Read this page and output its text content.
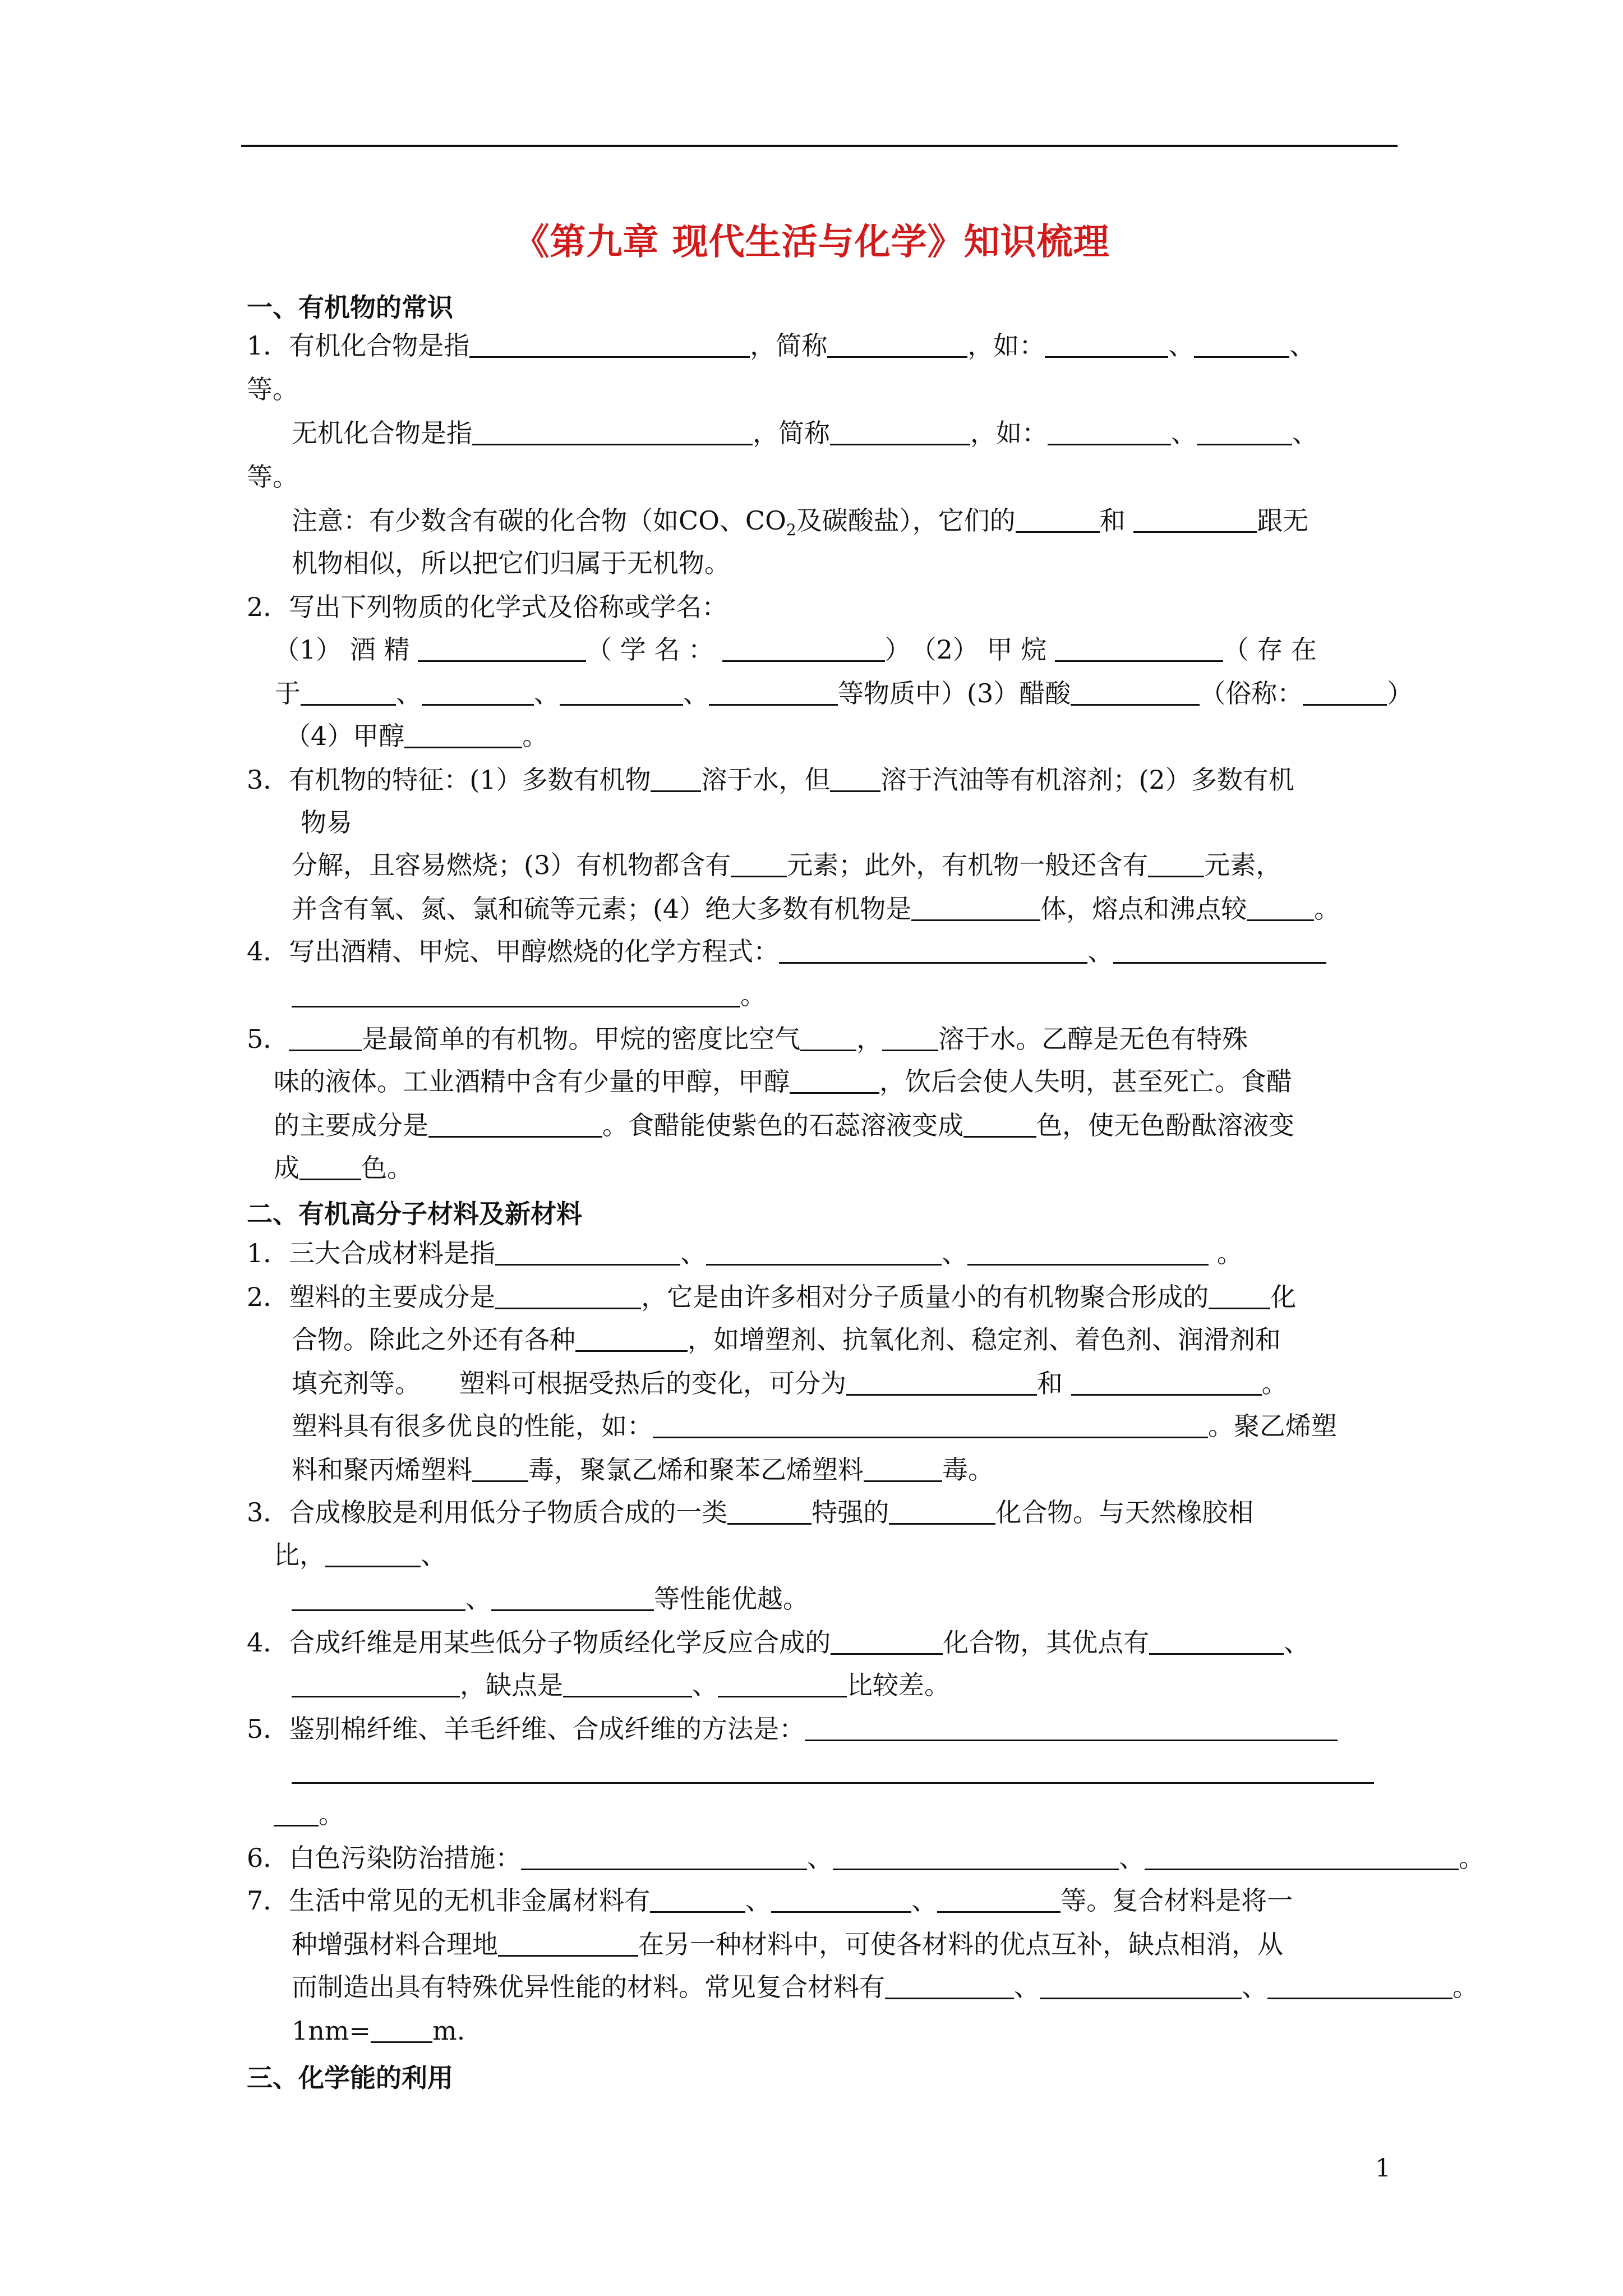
《第九章 现代生活与化学》知识梳理
一、有机物的常识
1．有机化合物是指	，简称	，如：	、	、
等。
无机化合物是指	，简称	，如：	、	、
等。
注意：有少数含有碳的化合物（如CO、$CO_2$及碳酸盐），它们的	和	跟无
机物相似，所以把它们归属于无机物。
2．写出下列物质的化学式及俗称或学名：
（1） 酒 精	（ 学 名 ：	）　（2） 甲 烷	（ 存 在
于	、	、	、	等物质中）(3）醋酸	（俗称：	）
（4）甲醇	。
3．有机物的特征：(1）多数有机物 溶于水，但 溶于汽油等有机溶剂；(2）多数有机
物易
分解，且容易燃烧；(3）有机物都含有 元素；此外，有机物一般还含有 元素，
并含有氧、氮、氯和硫等元素；(4）绝大多数有机物是	体，熔点和沸点较	。
4．写出酒精、甲烷、甲醇燃烧的化学方程式：	、
。
5．	是最简单的有机物。甲烷的密度比空气 ， 溶于水。乙醇是无色有特殊
味的液体。工业酒精中含有少量的甲醇，甲醇	，饮后会使人失明，甚至死亡。食醋
的主要成分是	。食醋能使紫色的石蕊溶液变成	色，使无色酚酞溶液变
成 色。
二、有机高分子材料及新材料
1．三大合成材料是指	、	、	。
2．塑料的主要成分是	，它是由许多相对分子质量小的有机物聚合形成的 化
合物。除此之外还有各种	，如增塑剂、抗氧化剂、稳定剂、着色剂、润滑剂和
填充剂等。　　塑料可根据受热后的变化，可分为	和	。
塑料具有很多优良的性能，如：	。聚乙烯塑
料和聚丙烯塑料 毒，聚氯乙烯和聚苯乙烯塑料	毒。
3．合成橡胶是利用低分子物质合成的一类	特强的	化合物。与天然橡胶相
比，	、
、	等性能优越。
4．合成纤维是用某些低分子物质经化学反应合成的	化合物，其优点有	、
，缺点是	、	比较差。
5．鉴别棉纤维、羊毛纤维、合成纤维的方法是：
。
6．白色污染防治措施：	、	、	。
7．生活中常见的无机非金属材料有	、	、	等。复合材料是将一
种增强材料合理地	在另一种材料中，可使各材料的优点互补，缺点相消，从
而制造出具有特殊优异性能的材料。常见复合材料有	、	、	。
1nm= m.
三、化学能的利用
1
